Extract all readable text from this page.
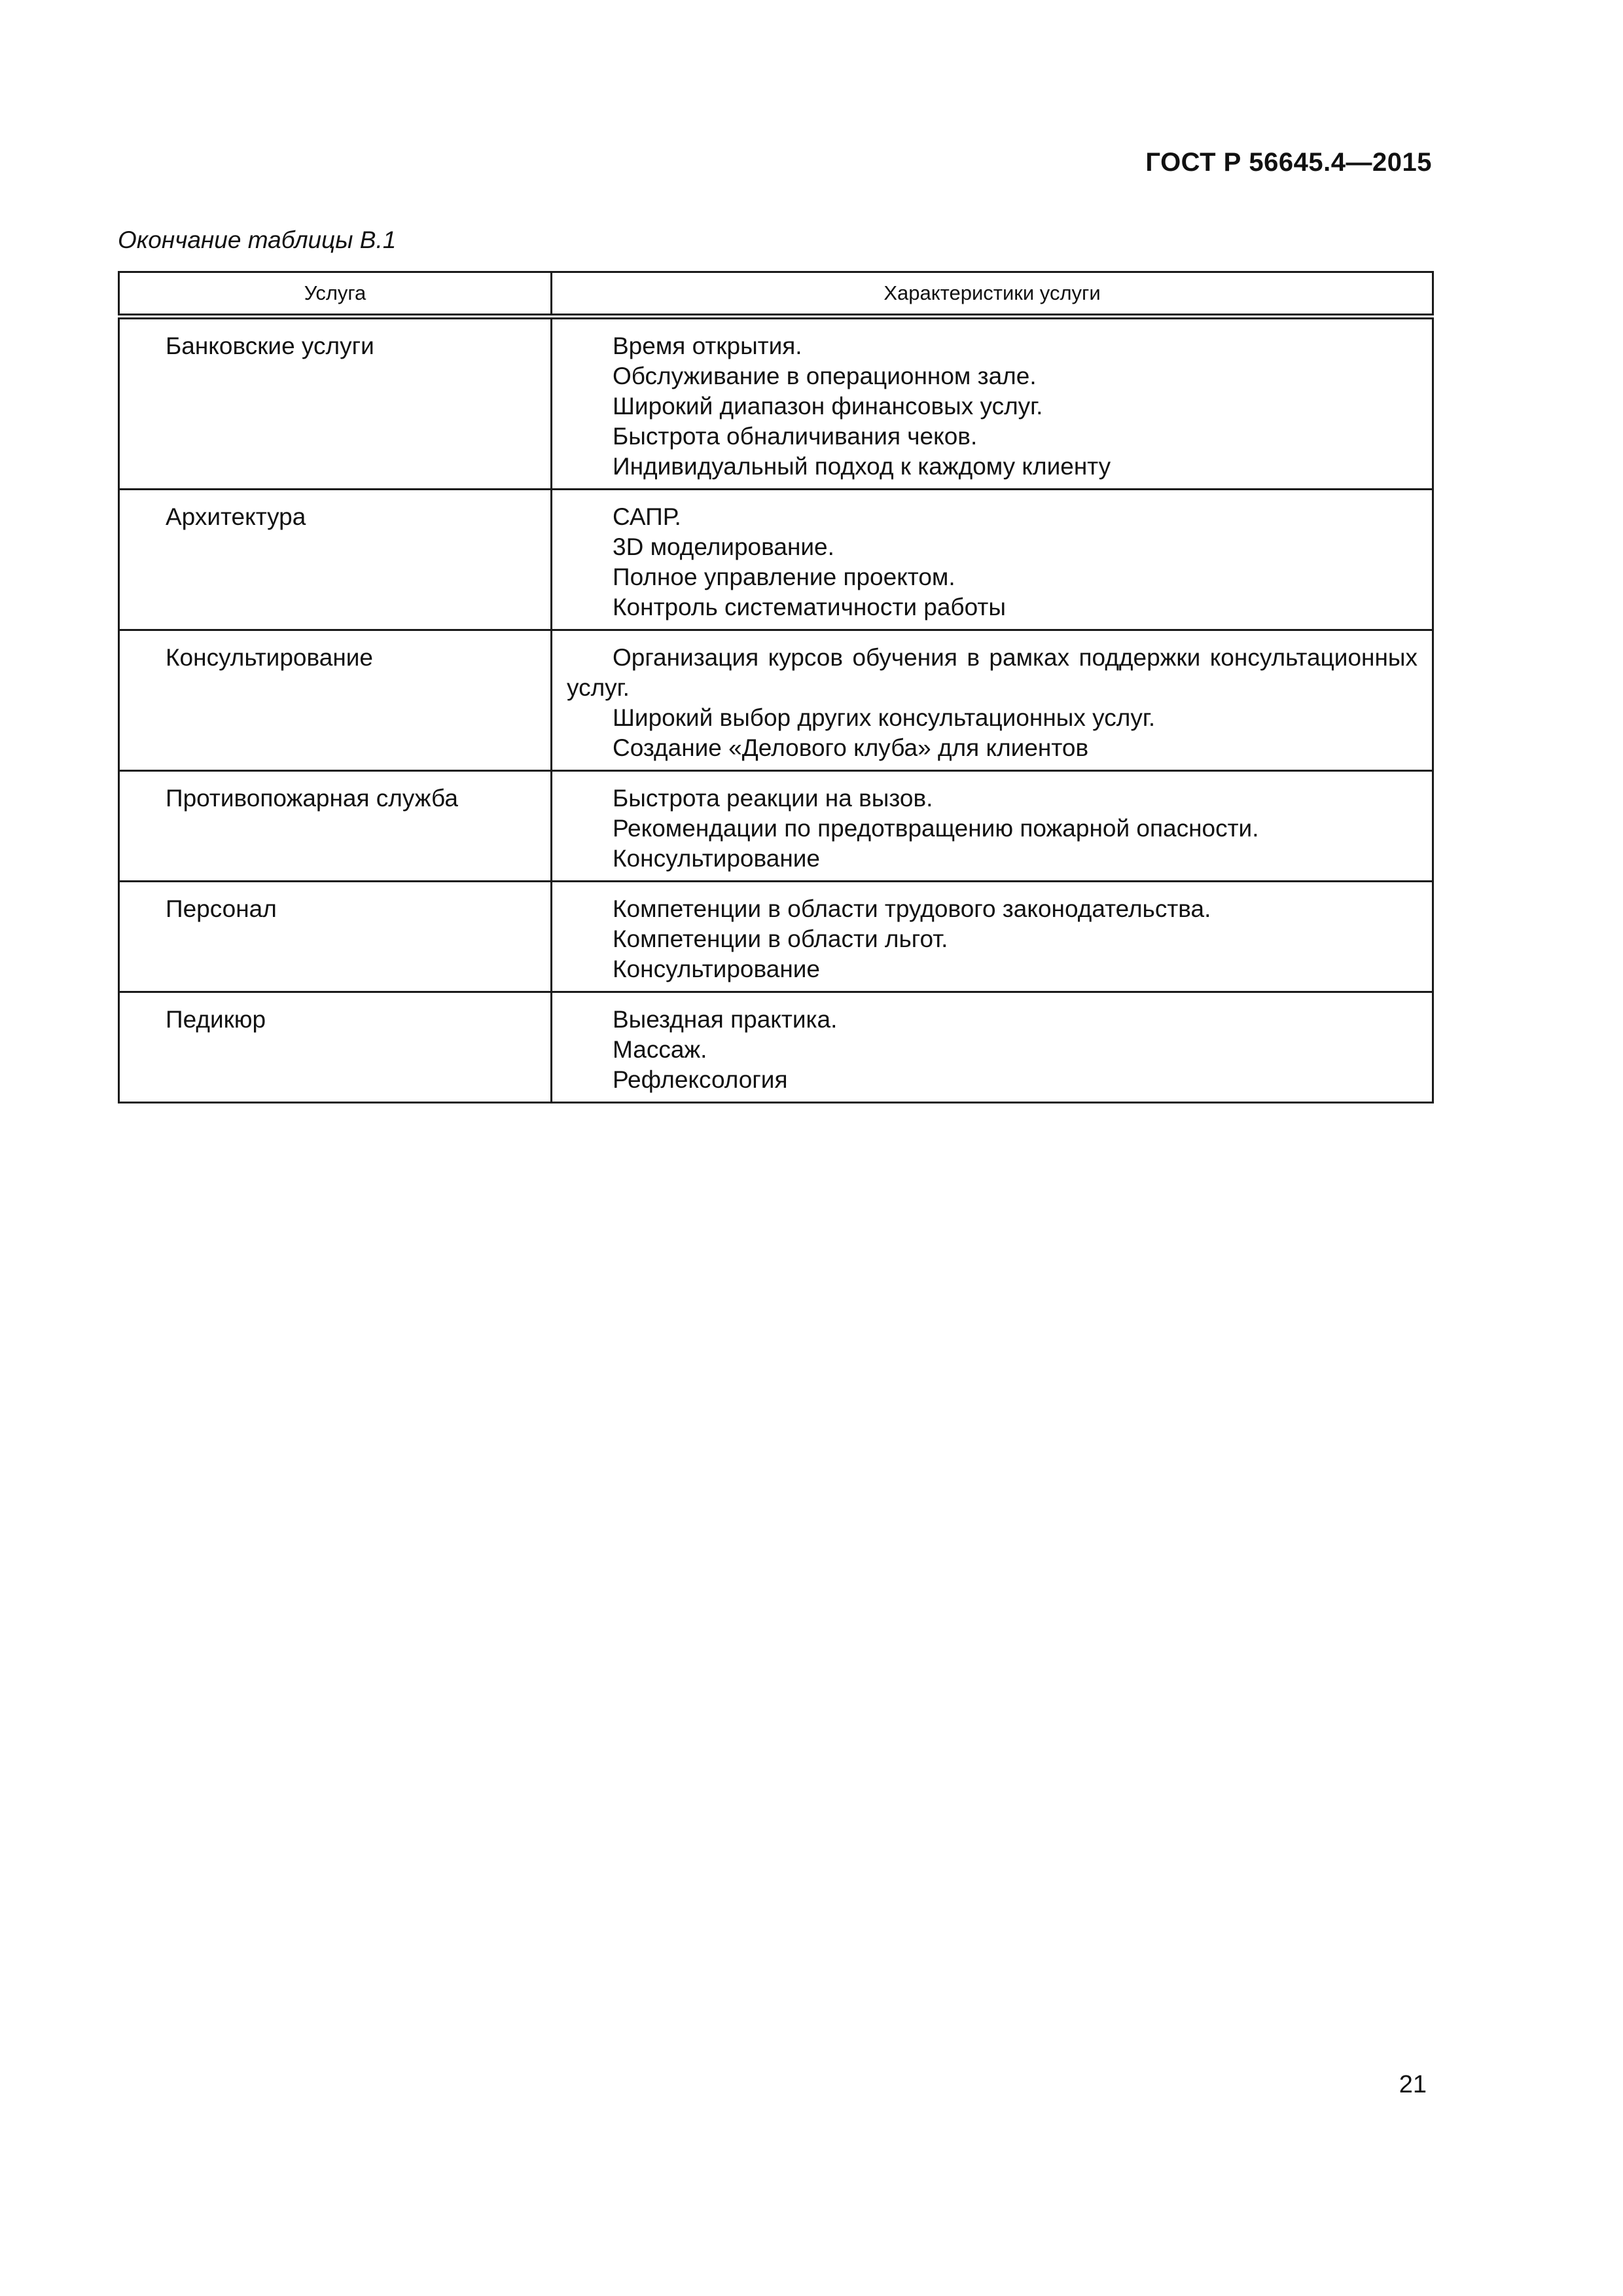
ГОСТ Р 56645.4—2015

Окончание таблицы В.1

Услуга	Характеристики услуги
Банковские услуги	Время открытия.

Обслуживание в операционном зале.

Широкий диапазон финансовых услуг.

Быстрота обналичивания чеков.

Индивидуальный подход к каждому клиенту

Архитектура	САПР.

3D моделирование.

Полное управление проектом.

Контроль систематичности работы

Консультирование	Организация курсов обучения в рамках поддержки консультационных услуг.

Широкий выбор других консультационных услуг.

Создание «Делового клуба» для клиентов

Противопожарная служба	Быстрота реакции на вызов.

Рекомендации по предотвращению пожарной опасности.

Консультирование

Персонал	Компетенции в области трудового законодательства.

Компетенции в области льгот.

Консультирование

Педикюр	Выездная практика.

Массаж.

Рефлексология

21
